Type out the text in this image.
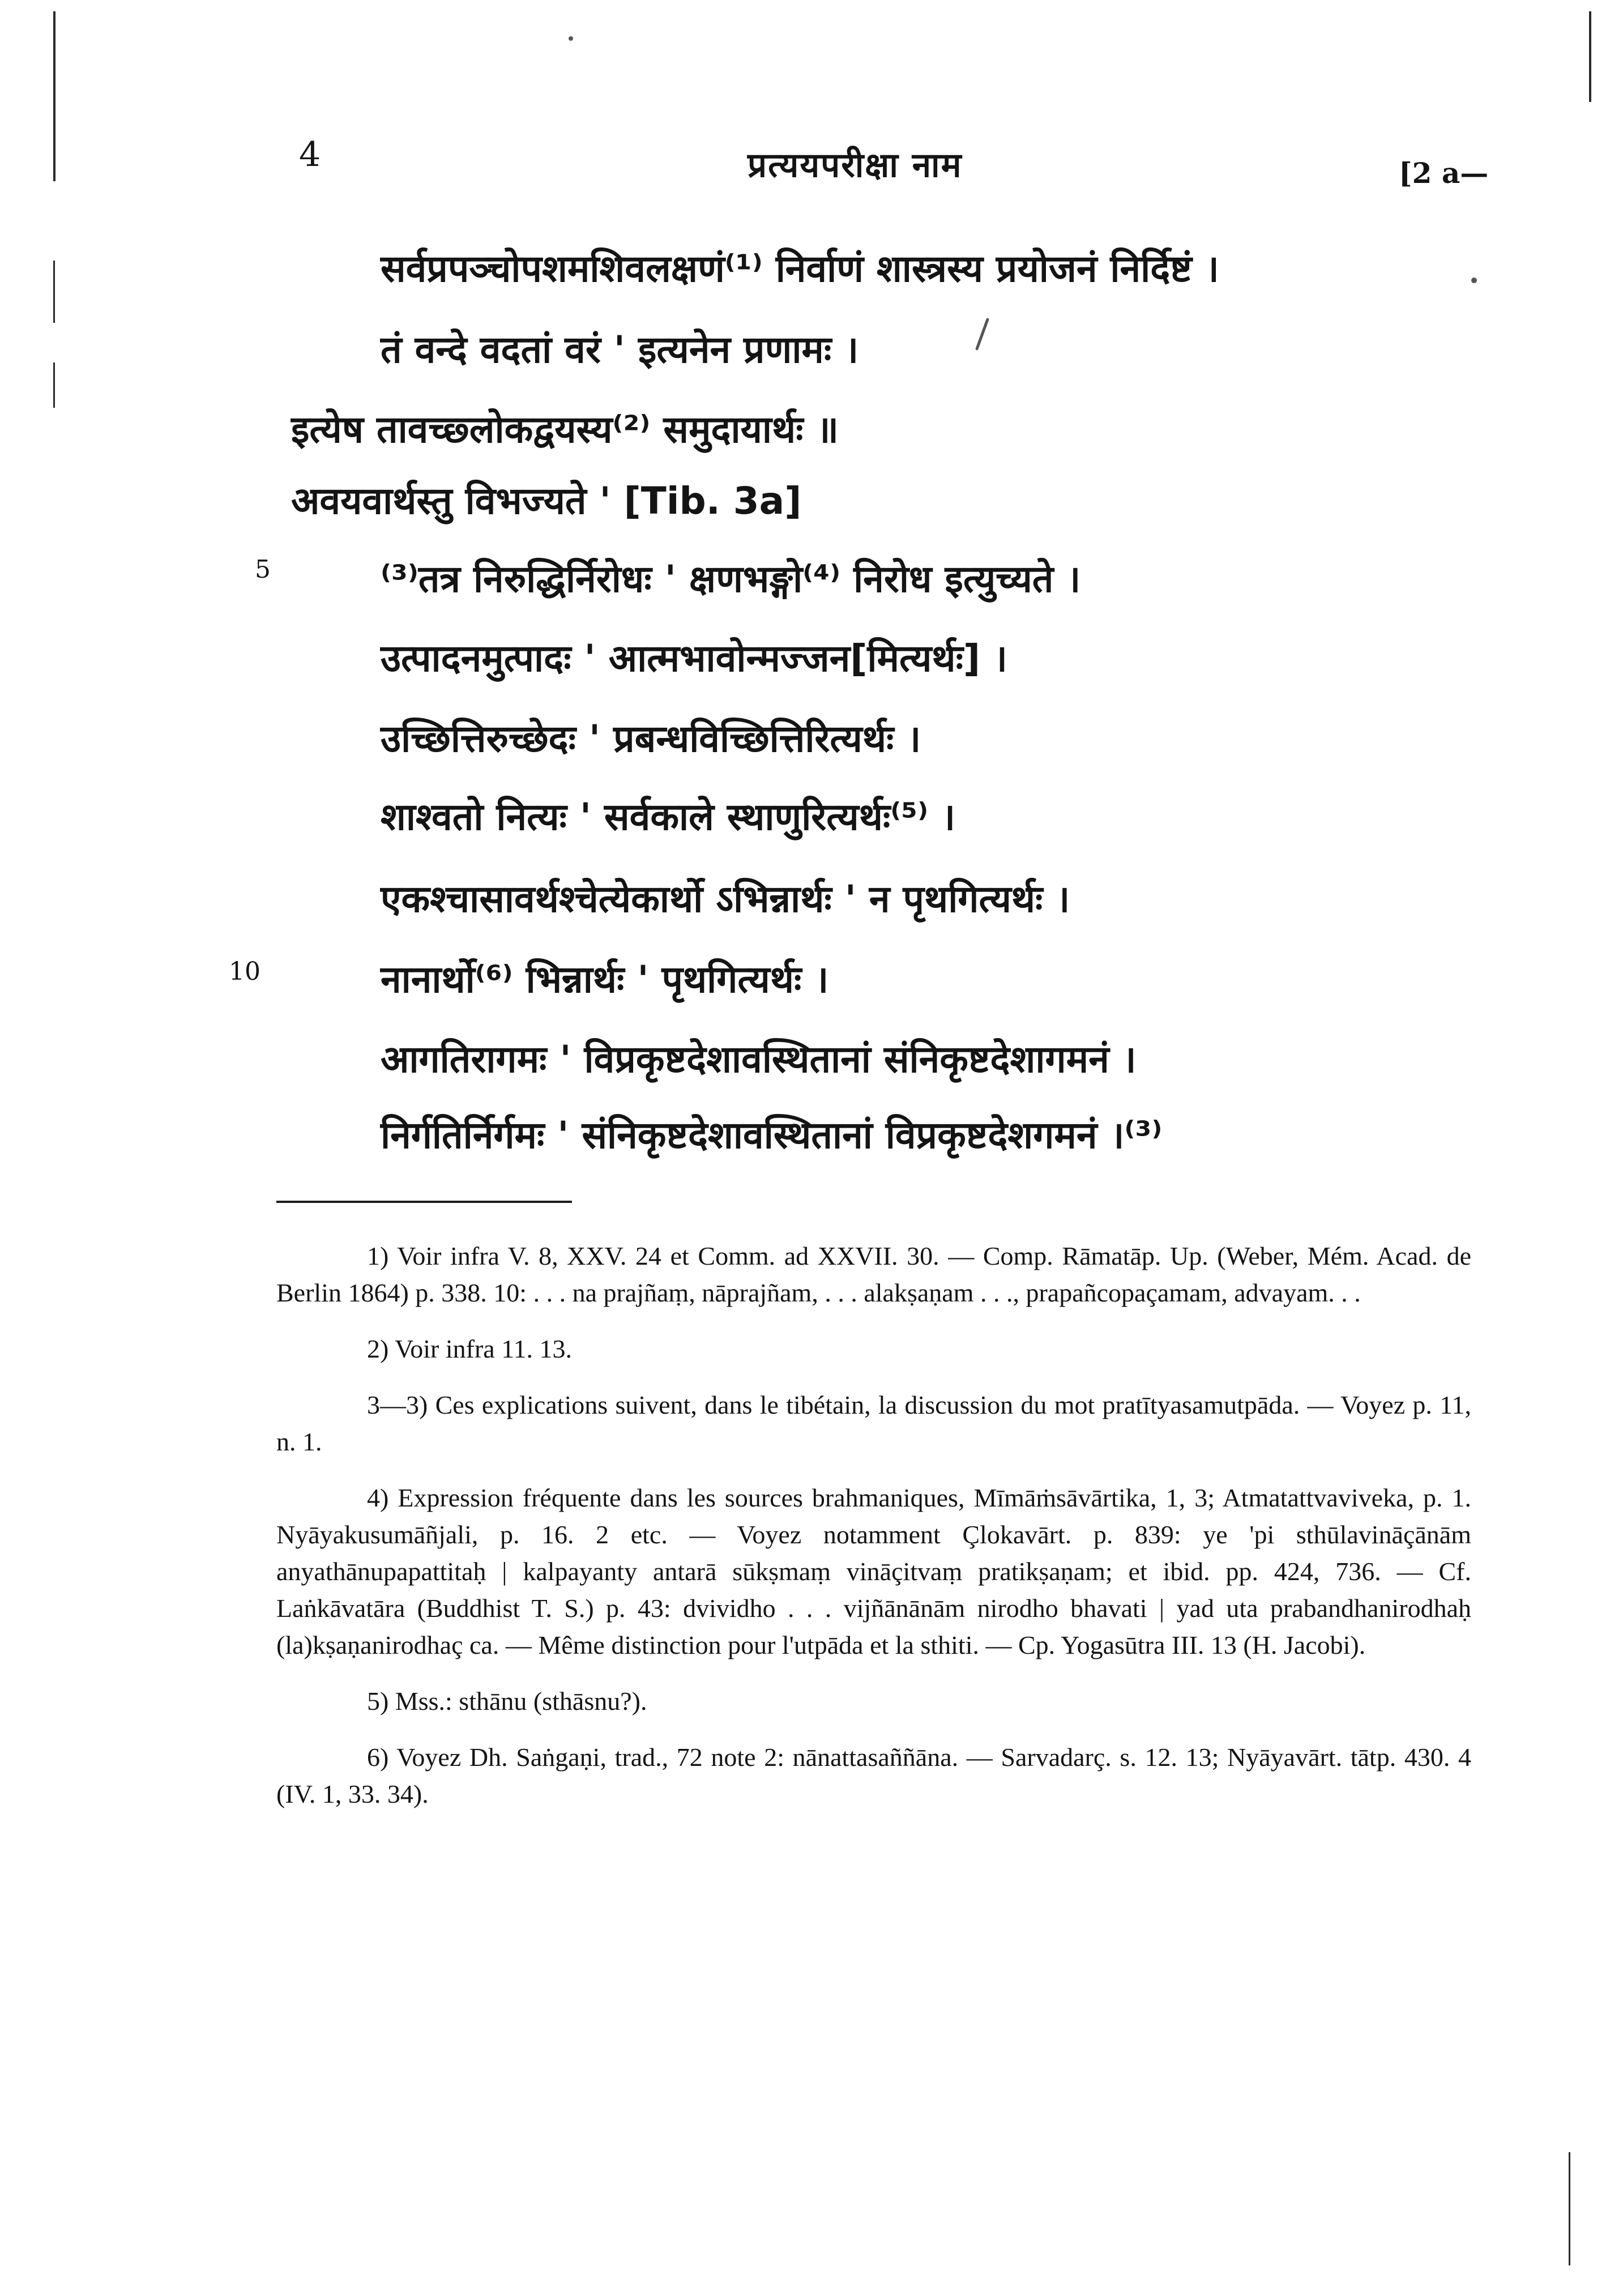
4	प्रत्ययपरीक्षा नाम	[2 a—
सर्वप्रपञ्चोपशमशिवलक्षणं⁽¹⁾ निर्वाणं शास्त्रस्य प्रयोजनं निर्दिष्टं ।
तं वन्दे वदतां वरं ' इत्यनेन प्रणामः ।
इत्येष तावच्छ्लोकद्वयस्य⁽²⁾ समुदायार्थः ॥
अवयवार्थस्तु विभज्यते ' [Tib. 3a]
⁽³⁾तत्र निरुद्धिर्निरोधः ' क्षणभङ्गो⁽⁴⁾ निरोध इत्युच्यते ।
उत्पादनमुत्पादः ' आत्मभावोन्मज्जन[मित्यर्थः] ।
उच्छित्तिरुच्छेदः ' प्रबन्धविच्छित्तिरित्यर्थः ।
शाश्वतो नित्यः ' सर्वकाले स्थाणुरित्यर्थः⁽⁵⁾ ।
एकश्चासावर्थश्चेत्येकार्थो ऽभिन्नार्थः ' न पृथगित्यर्थः ।
नानार्थो⁽⁶⁾ भिन्नार्थः ' पृथगित्यर्थः ।
आगतिरागमः ' विप्रकृष्टदेशावस्थितानां संनिकृष्टदेशागमनं ।
निर्गतिर्निर्गमः ' संनिकृष्टदेशावस्थितानां विप्रकृष्टदेशगमनं ।⁽³⁾
5
10

1) Voir infra V. 8, XXV. 24 et Comm. ad XXVII. 30. — Comp. Rāmatāp. Up. (Weber, Mém. Acad. de Berlin 1864) p. 338. 10: . . . na prajñaṃ, nāprajñam, . . . alakṣaṇam . . ., prapañcopaçamam, advayam. . .

2) Voir infra 11. 13.

3—3) Ces explications suivent, dans le tibétain, la discussion du mot pratītyasamutpāda. — Voyez p. 11, n. 1.

4) Expression fréquente dans les sources brahmaniques, Mīmāṁsāvārtika, 1, 3; Atmatattvaviveka, p. 1. Nyāyakusumāñjali, p. 16. 2 etc. — Voyez notamment Çlokavārt. p. 839: ye 'pi sthūlavināçānām anyathānupapattitaḥ | kalpayanty antarā sūkṣmaṃ vināçitvaṃ pratikṣaṇam; et ibid. pp. 424, 736. — Cf. Laṅkāvatāra (Buddhist T. S.) p. 43: dvividho . . . vijñānānām nirodho bhavati | yad uta prabandhanirodhaḥ (la)kṣaṇanirodhaç ca. — Même distinction pour l'utpāda et la sthiti. — Cp. Yogasūtra III. 13 (H. Jacobi).

5) Mss.: sthānu (sthāsnu?).

6) Voyez Dh. Saṅgaṇi, trad., 72 note 2: nānattasaññāna. — Sarvadarç. s. 12. 13; Nyāyavārt. tātp. 430. 4 (IV. 1, 33. 34).
